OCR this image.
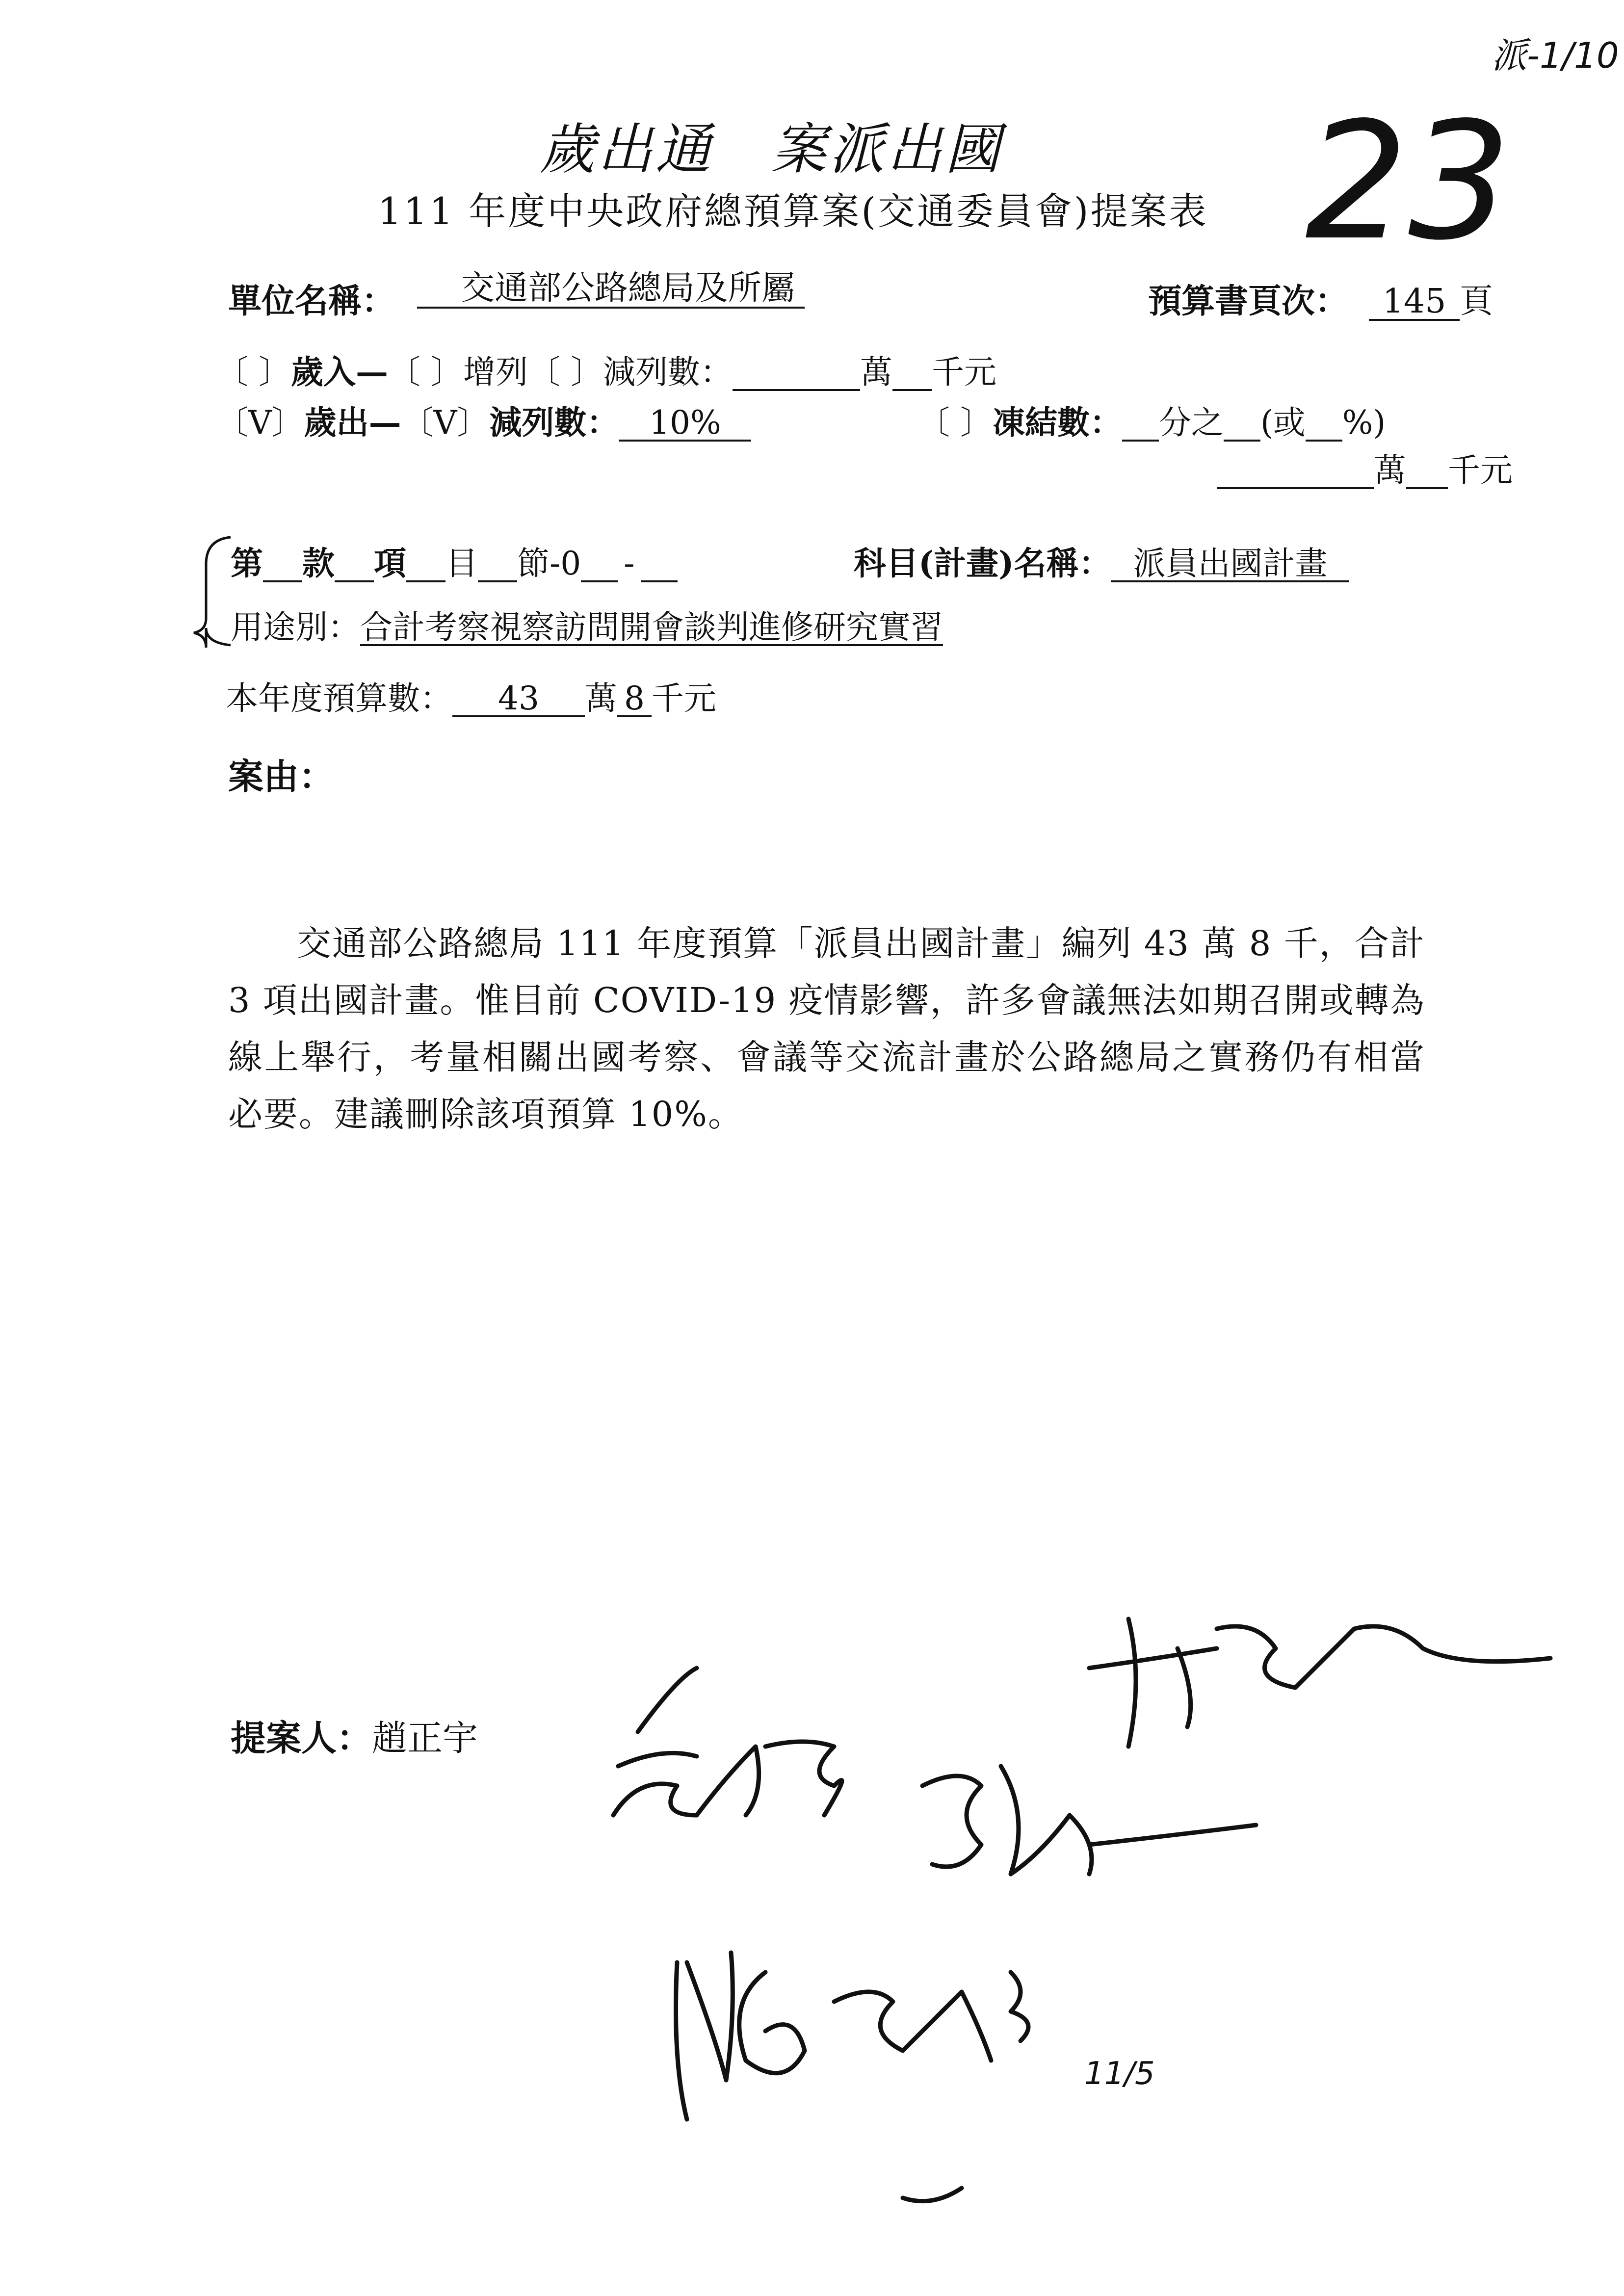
派-1/10
歲出通　案派出國 23
111 年度中央政府總預算案(交通委員會)提案表
單位名稱：	交通部公路總局及所屬	預算書頁次：	145 頁
〔 〕歲入—〔 〕增列〔 〕減列數：	萬 千元
〔V〕歲出—〔V〕減列數： 10%	〔 〕凍結數： 分之 (或 %)
萬 千元
第 款 項 目 節-0 -	科目(計畫)名稱： 派員出國計畫
用途別：合計考察視察訪問開會談判進修研究實習
本年度預算數： 43 萬 8 千元
案由：
交通部公路總局 111 年度預算「派員出國計畫」編列 43 萬 8 千，合計 3 項出國計畫。惟目前 COVID-19 疫情影響，許多會議無法如期召開或轉為線上舉行，考量相關出國考察、會議等交流計畫於公路總局之實務仍有相當必要。建議刪除該項預算 10%。
提案人：趙正宇
11/5
